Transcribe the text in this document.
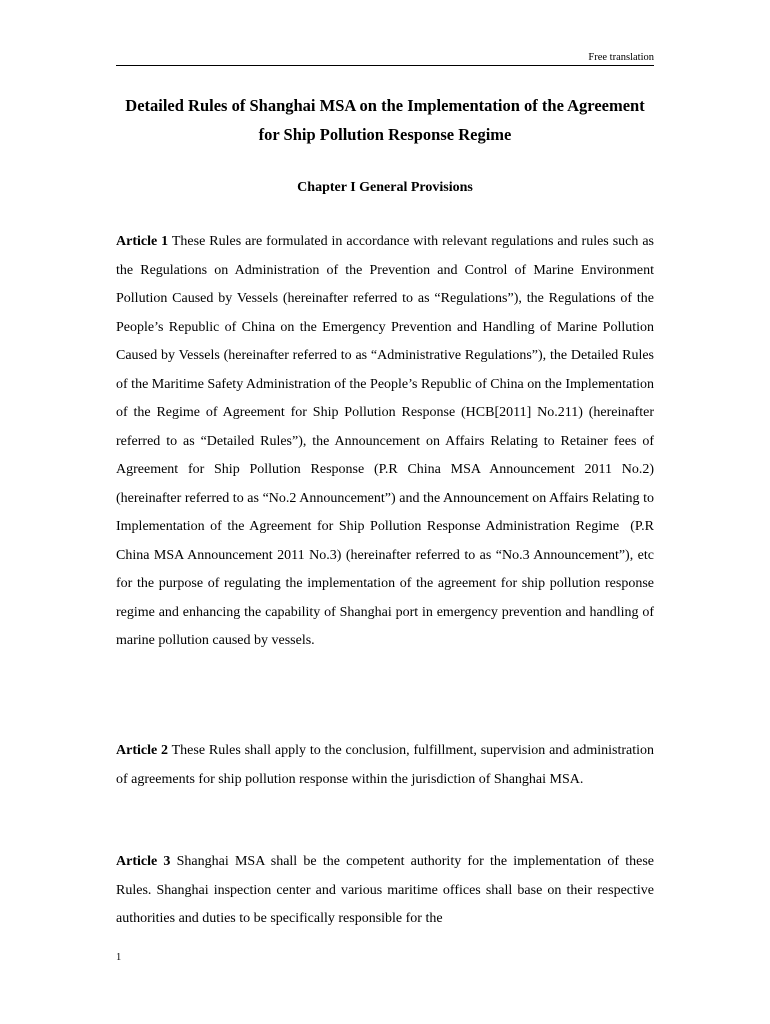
Free translation
Detailed Rules of Shanghai MSA on the Implementation of the Agreement for Ship Pollution Response Regime
Chapter I General Provisions

Article 1 These Rules are formulated in accordance with relevant regulations and rules such as the Regulations on Administration of the Prevention and Control of Marine Environment Pollution Caused by Vessels (hereinafter referred to as “Regulations”), the Regulations of the People’s Republic of China on the Emergency Prevention and Handling of Marine Pollution Caused by Vessels (hereinafter referred to as “Administrative Regulations”), the Detailed Rules of the Maritime Safety Administration of the People’s Republic of China on the Implementation of the Regime of Agreement for Ship Pollution Response (HCB[2011] No.211) (hereinafter referred to as “Detailed Rules”), the Announcement on Affairs Relating to Retainer fees of Agreement for Ship Pollution Response (P.R China MSA Announcement 2011 No.2) (hereinafter referred to as “No.2 Announcement”) and the Announcement on Affairs Relating to Implementation of the Agreement for Ship Pollution Response Administration Regime  (P.R China MSA Announcement 2011 No.3) (hereinafter referred to as “No.3 Announcement”), etc for the purpose of regulating the implementation of the agreement for ship pollution response regime and enhancing the capability of Shanghai port in emergency prevention and handling of marine pollution caused by vessels.

Article 2 These Rules shall apply to the conclusion, fulfillment, supervision and administration of agreements for ship pollution response within the jurisdiction of Shanghai MSA.

Article 3 Shanghai MSA shall be the competent authority for the implementation of these Rules. Shanghai inspection center and various maritime offices shall base on their respective authorities and duties to be specifically responsible for the

1
